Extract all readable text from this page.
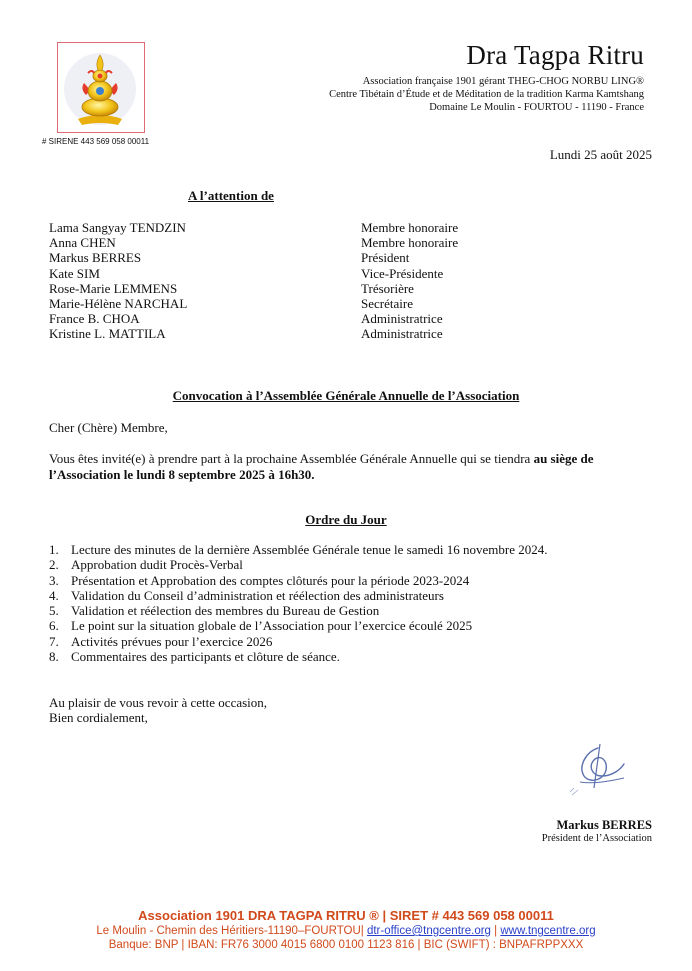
# SIRENE 443 569 058 00011
Dra Tagpa Ritru
Association française 1901 gérant THEG-CHOG NORBU LING®
Centre Tibétain d’Étude et de Méditation de la tradition Karma Kamtshang
Domaine Le Moulin - FOURTOU - 11190 - France
Lundi 25 août 2025
A l’attention de
Lama Sangyay TENDZIN	Membre honoraire
Anna CHEN	Membre honoraire
Markus BERRES	Président
Kate SIM	Vice-Présidente
Rose-Marie LEMMENS	Trésorière
Marie-Hélène NARCHAL	Secrétaire
France B. CHOA	Administratrice
Kristine L. MATTILA	Administratrice
Convocation à l’Assemblée Générale Annuelle de l’Association
Cher (Chère) Membre,
Vous êtes invité(e) à prendre part à la prochaine Assemblée Générale Annuelle qui se tiendra au siège de l’Association le lundi 8 septembre 2025 à 16h30.
Ordre du Jour
1. Lecture des minutes de la dernière Assemblée Générale tenue le samedi 16 novembre 2024.
2. Approbation dudit Procès-Verbal
3. Présentation et Approbation des comptes clôturés pour la période 2023-2024
4. Validation du Conseil d’administration et réélection des administrateurs
5. Validation et réélection des membres du Bureau de Gestion
6. Le point sur la situation globale de l’Association pour l’exercice écoulé 2025
7. Activités prévues pour l’exercice 2026
8. Commentaires des participants et clôture de séance.
Au plaisir de vous revoir à cette occasion,
Bien cordialement,
Markus BERRES
Président de l’Association
Association 1901 DRA TAGPA RITRU ® | SIRET # 443 569 058 00011
Le Moulin - Chemin des Héritiers-11190–FOURTOU| dtr-office@tngcentre.org | www.tngcentre.org
Banque: BNP | IBAN: FR76 3000 4015 6800 0100 1123 816 | BIC (SWIFT) : BNPAFRPPXXX
